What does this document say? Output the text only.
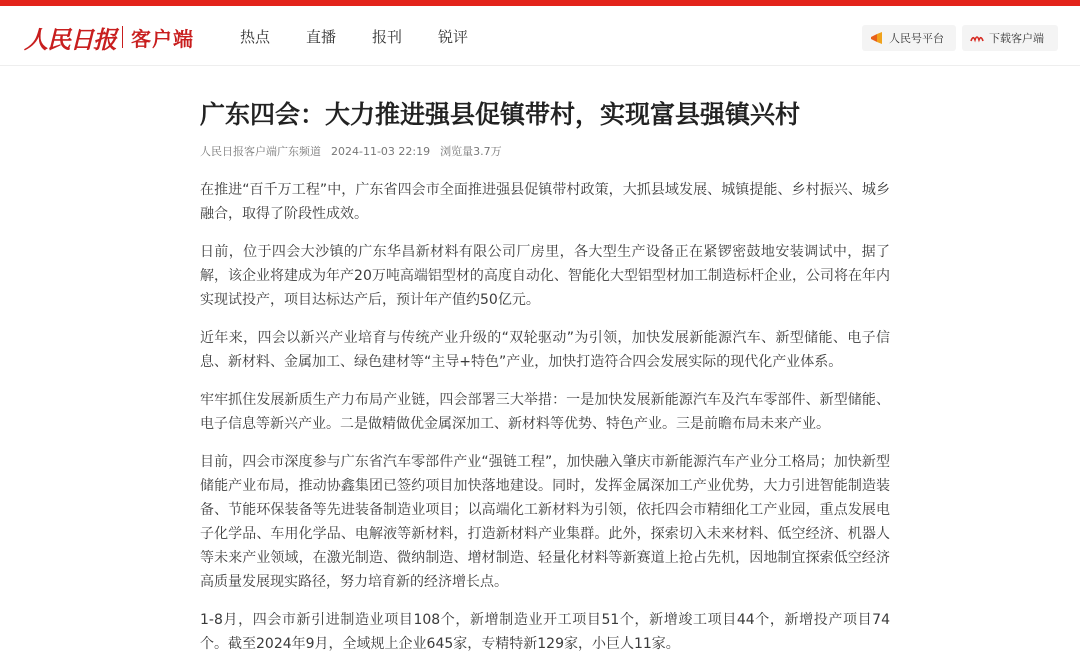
人民日报 客户端	热点 直播 报刊 锐评	人民号平台	下载客户端
广东四会：大力推进强县促镇带村，实现富县强镇兴村
人民日报客户端广东频道 2024-11-03 22:19 浏览量3.7万

在推进“百千万工程”中，广东省四会市全面推进强县促镇带村政策，大抓县域发展、城镇提能、乡村振兴、城乡融合，取得了阶段性成效。

日前，位于四会大沙镇的广东华昌新材料有限公司厂房里，各大型生产设备正在紧锣密鼓地安装调试中，据了解，该企业将建成为年产20万吨高端铝型材的高度自动化、智能化大型铝型材加工制造标杆企业，公司将在年内实现试投产，项目达标达产后，预计年产值约50亿元。

近年来，四会以新兴产业培育与传统产业升级的“双轮驱动”为引领，加快发展新能源汽车、新型储能、电子信息、新材料、金属加工、绿色建材等“主导+特色”产业，加快打造符合四会发展实际的现代化产业体系。

牢牢抓住发展新质生产力布局产业链，四会部署三大举措：一是加快发展新能源汽车及汽车零部件、新型储能、电子信息等新兴产业。二是做精做优金属深加工、新材料等优势、特色产业。三是前瞻布局未来产业。

目前，四会市深度参与广东省汽车零部件产业“强链工程”，加快融入肇庆市新能源汽车产业分工格局；加快新型储能产业布局，推动协鑫集团已签约项目加快落地建设。同时，发挥金属深加工产业优势，大力引进智能制造装备、节能环保装备等先进装备制造业项目；以高端化工新材料为引领，依托四会市精细化工产业园，重点发展电子化学品、车用化学品、电解液等新材料，打造新材料产业集群。此外，探索切入未来材料、低空经济、机器人等未来产业领域，在激光制造、微纳制造、增材制造、轻量化材料等新赛道上抢占先机，因地制宜探索低空经济高质量发展现实路径，努力培育新的经济增长点。

1-8月，四会市新引进制造业项目108个，新增制造业开工项目51个，新增竣工项目44个，新增投产项目74个。截至2024年9月，全域规上企业645家，专精特新129家，小巨人11家。
